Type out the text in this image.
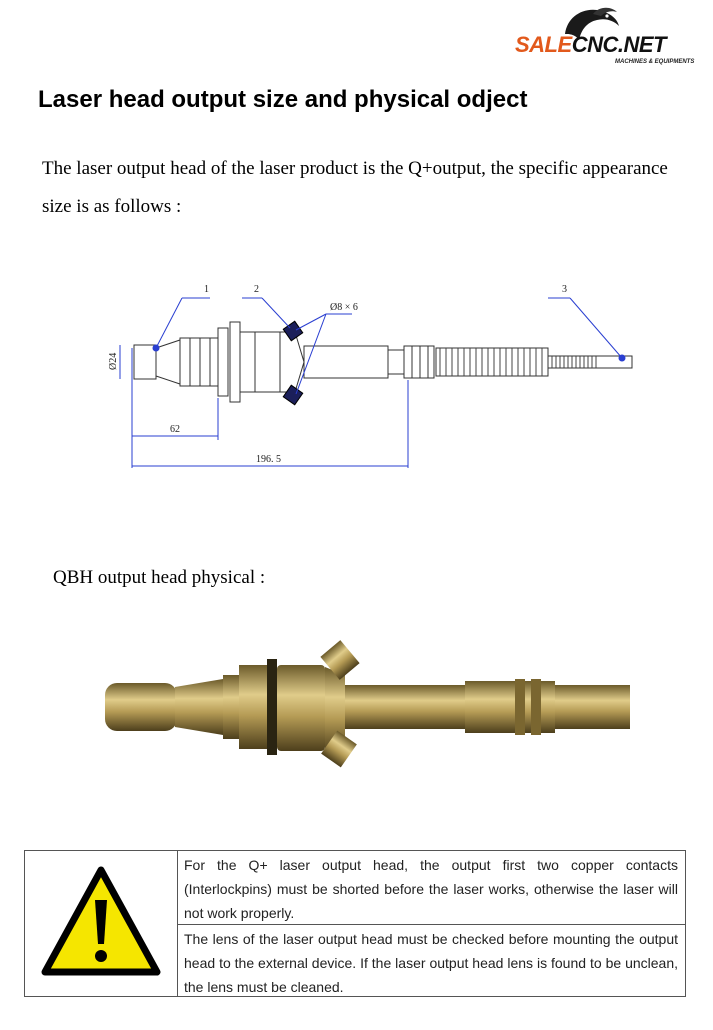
SALECNC.NET
MACHINES & EQUIPMENTS
Laser head output size and physical odject

The laser output head of the laser product is the Q+output, the specific appearance size is as follows :

1	2	3
Ø8 × 6
62
196. 5
Ø24

QBH output head physical :

For the Q+ laser output head, the output first two copper contacts (Interlockpins) must be shorted before the laser works, otherwise the laser will not work properly.
The lens of the laser output head must be checked before mounting the output head to the external device. If the laser output head lens is found to be unclean, the lens must be cleaned.
